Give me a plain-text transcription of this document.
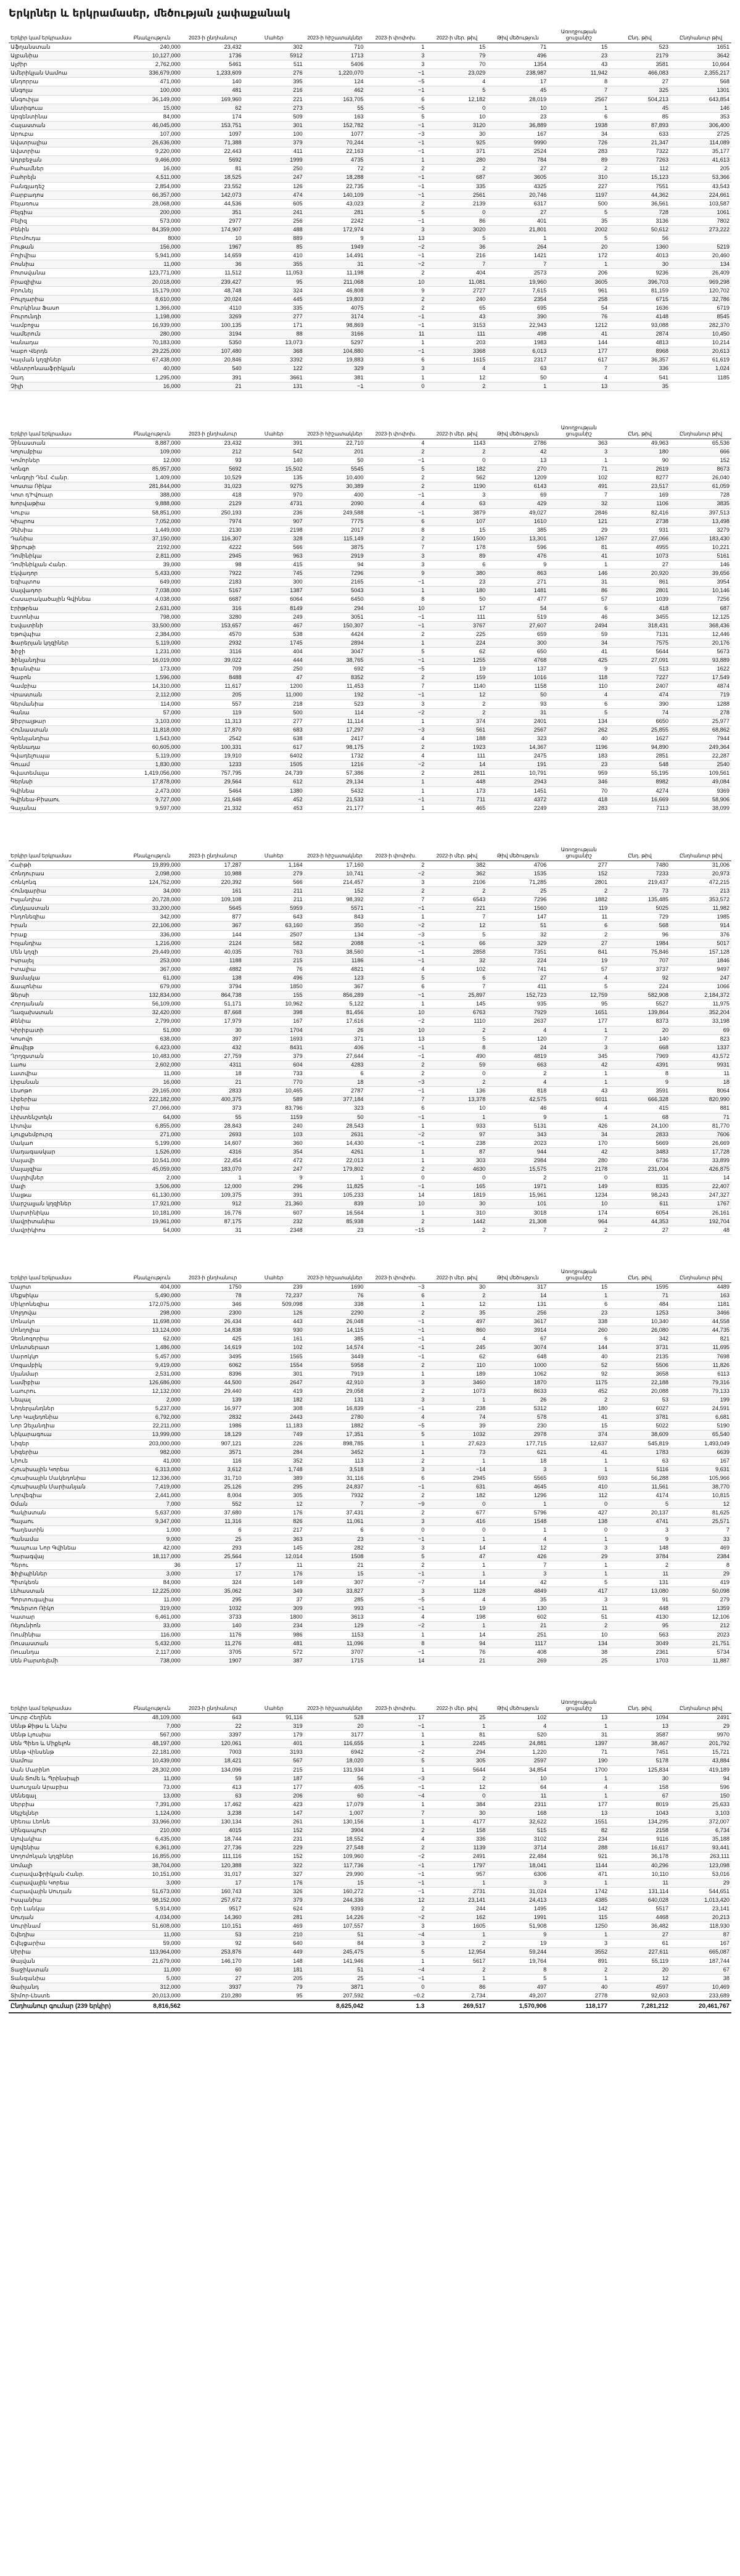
Երկրներ և երկրամասեր, մեծության չափաքանակ
Երկիր կամ երկրամաս	Բնակչություն	2023-ի ընդհանուր	Մահեր	2023-ի հիշատակներ	2023-ի փոփոխ.	2022-ի մեր. թիվ	Թիվ մեծություն	Առողջության ցուցանիշ	Ընդ. թիվ	Ընդհանուր թիվ
Աֆղանստան	240,000	23,432	302	710	1	15	71	15	523	1651
Ալբանիա	10,127,000	1736	5912	1713	3	79	496	23	2179	3642
Ալժիր	2,762,000	5461	511	5406	3	70	1354	43	3581	10,664
Ամերիկյան Սամոա	336,679,000	1,233,609	276	1,220,070	−1	23,029	238,987	11,942	466,083	2,355,217
Անդորրա	471,000	140	395	124	−5	4	17	8	27	568
Անգոլա	100,000	481	216	462	−1	5	45	7	325	1301
Անգուիլա	36,149,000	169,960	221	163,705	6	12,182	28,019	2567	504,213	643,854
Անտիգուա	15,000	62	273	55	−5	0	10	1	45	146
Արգենտինա	84,000	174	509	163	5	10	23	6	85	353
Հայաստան	46,045,000	153,751	301	152,782	−1	3120	36,889	1938	87,893	306,400
Արուբա	107,000	1097	100	1077	−3	30	167	34	633	2725
Ավստրալիա	26,636,000	71,388	379	70,244	−1	925	9990	726	21,347	114,089
Ավստրիա	9,220,000	22,443	411	22,163	−1	371	2524	283	7322	35,177
Ադրբեջան	9,466,000	5692	1999	4735	1	280	784	89	7263	41,613
Բահամներ	16,000	81	250	72	2	2	27	2	112	205
Բահրեյն	4,511,000	18,525	247	18,288	−1	687	3605	310	15,123	53,366
Բանգլադեշ	2,854,000	23,552	126	22,735	−1	335	4325	227	7551	43,543
Բարբադոս	66,357,000	142,073	474	140,109	−1	2561	20,746	1197	44,362	224,661
Բելառուս	28,068,000	44,536	605	43,023	2	2139	6317	500	36,561	103,587
Բելգիա	200,000	351	241	281	5	0	27	5	728	1061
Բելիզ	573,000	2977	256	2242	−1	86	401	35	3136	7802
Բենին	84,359,000	174,907	488	172,974	3	3020	21,801	2002	50,612	273,222
Բերմուդա	8000	10	889	9	13	5	1	5	56	
Բութան	156,000	1967	85	1949	−2	36	264	20	1360	5219
Բոլիվիա	5,941,000	14,659	410	14,491	−1	216	1421	172	4013	20,460
Բոսնիա	11,000	36	355	31	−2	7	7	1	30	134
Բոտսվանա	123,771,000	11,512	11,053	11,198	2	404	2573	206	9236	26,409
Բրազիլիա	20,018,000	239,427	95	211,068	10	11,081	19,960	3605	396,703	969,298
Բրունեյ	15,179,000	48,748	324	46,808	9	2727	7,615	961	81,159	120,702
Բուլղարիա	8,610,000	20,024	445	19,803	2	240	2354	258	6715	32,786
Բուրկինա Ֆասո	1,366,000	4110	335	4075	2	65	695	54	1636	6719
Բուրունդի	1,198,000	3269	277	3174	−1	43	390	76	4148	8545
Կամբոջա	16,939,000	100,135	171	98,869	−1	3153	22,943	1212	93,088	282,370
Կամերուն	280,000	3194	88	3166	11	111	498	41	2874	10,450
Կանադա	70,183,000	5350	13,073	5297	1	203	1983	144	4813	10,214
Կաբո Վերդե	29,225,000	107,480	368	104,880	−1	3368	6,013	177	8968	20,613
Կայման կղզիներ	67,438,000	20,846	3392	19,883	6	1615	2317	617	36,357	61,619
Կենտրոնաաֆրիկյան	40,000	540	122	329	3	4	63	7	336	1,024
Չադ	1,295,000	391	3661	381	1	12	50	4	541	1185
Չիլի	16,000	21	131	−1	0	2	1	13	35	
Երկիր կամ երկրամաս	Բնակչություն	2023-ի ընդհանուր	Մահեր	2023-ի հիշատակներ	2023-ի փոփոխ.	2022-ի մեր. թիվ	Թիվ մեծություն	Առողջության ցուցանիշ	Ընդ. թիվ	Ընդհանուր թիվ
Չինաստան	8,887,000	23,432	391	22,710	4	1143	2786	363	49,963	65,536
Կոլումբիա	109,000	212	542	201	2	2	42	3	180	666
Կոմորներ	12,000	93	140	50	−1	0	13	1	90	152
Կոնգո	85,957,000	5692	15,502	5545	5	182	270	71	2619	8673
Կոնգոյի Դեմ. Հանր.	1,409,000	10,529	135	10,400	2	562	1209	102	8277	26,040
Կոստա Ռիկա	281,844,000	31,023	9275	30,389	2	1190	6143	491	23,517	61,059
Կոտ դ'Իվուար	388,000	418	970	400	−1	3	69	7	169	728
Խորվաթիա	9,888,000	2129	4731	2090	4	63	429	32	1106	3835
Կուբա	58,851,000	250,193	236	249,588	−1	3879	49,027	2846	82,416	397,513
Կիպրոս	7,052,000	7974	907	7775	6	107	1610	121	2738	13,498
Չեխիա	1,449,000	2130	2198	2017	8	15	385	29	931	3279
Դանիա	37,150,000	116,307	328	115,149	2	1500	13,301	1267	27,066	183,430
Ջիբութի	2192,000	4222	566	3875	7	178	596	81	4955	10,221
Դոմինիկա	2,811,000	2945	963	2919	3	89	476	41	1073	5161
Դոմինիկյան Հանր.	39,000	98	415	94	3	6	9	1	27	146
Էկվադոր	5,433,000	7922	745	7296	9	380	863	146	20,920	39,656
Եգիպտոս	649,000	2183	300	2165	−1	23	271	31	861	3954
Սալվադոր	7,038,000	5167	1387	5043	1	180	1481	86	2801	10,146
Հասարակածային Գվինեա	4,038,000	6687	6064	6450	8	50	477	57	1039	7256
Էրիթրեա	2,631,000	316	8149	294	10	17	54	6	418	687
Էստոնիա	798,000	3280	249	3051	−1	111	519	46	3455	12,125
Էսվատինի	33,500,000	153,657	467	150,307	−1	3767	27,607	2494	318,431	368,436
Եթովպիա	2,384,000	4570	538	4424	2	225	659	59	7131	12,446
Ֆարերյան կղզիներ	5,119,000	2932	1745	2894	1	224	300	34	7575	20,176
Ֆիջի	1,231,000	3116	404	3047	5	62	650	41	5644	5673
Ֆինլանդիա	16,019,000	39,022	444	38,765	−1	1255	4768	425	27,091	93,889
Ֆրանսիա	173,000	709	250	692	−5	19	137	9	513	1622
Գաբոն	1,596,000	8488	47	8352	2	159	1016	118	7227	17,549
Գամբիա	14,310,000	11,617	1200	11,453	7	1140	1158	110	2407	4874
Վրաստան	2,112,000	205	11,000	192	−1	12	50	4	474	719
Գերմանիա	114,000	557	218	523	3	2	93	6	390	1288
Գանա	57,000	119	500	114	−2	2	31	5	74	278
Ջիբրալթար	3,103,000	11,313	277	11,114	1	374	2401	134	6650	25,977
Հունաստան	11,818,000	17,870	683	17,297	−3	561	2567	262	25,855	68,862
Գրենլանդիա	1,543,000	2542	638	2417	4	188	323	40	1627	7944
Գրենադա	60,605,000	100,331	617	98,175	2	1923	14,367	1196	94,890	249,364
Գվադելուպա	5,119,000	19,910	6402	1732	4	111	2475	183	2851	22,287
Գուամ	1,830,000	1233	1505	1216	−2	14	191	23	548	2540
Գվատեմալա	1,419,056,000	757,795	24,739	57,386	2	2811	10,791	959	55,195	109,561
Գերնսի	17,878,000	29,564	612	29,134	1	448	2943	346	8982	49,084
Գվինեա	2,473,000	5464	1380	5432	1	173	1451	70	4274	9369
Գվինեա-Բիսաու	9,727,000	21,646	452	21,533	−1	711	4372	418	16,669	58,906
Գայանա	9,597,000	21,332	453	21,177	1	465	2249	283	7113	38,099
Երկիր կամ երկրամաս	Բնակչություն	2023-ի ընդհանուր	Մահեր	2023-ի հիշատակներ	2023-ի փոփոխ.	2022-ի մեր. թիվ	Թիվ մեծություն	Առողջության ցուցանիշ	Ընդ. թիվ	Ընդհանուր թիվ
Հաիթի	19,899,000	17,287	1,164	17,160	2	382	4706	277	7480	31,006
Հոնդուրաս	2,098,000	10,988	279	10,741	−2	362	1535	152	7233	20,973
Հոնկոնգ	124,752,000	220,392	566	214,457	3	2106	71,285	2801	219,437	472,215
Հունգարիա	34,000	161	211	152	2	2	25	2	73	213
Իսլանդիա	20,728,000	109,108	211	98,392	7	6543	7296	1882	135,485	353,572
Հնդկաստան	33,200,000	5645	5959	5571	−1	221	1560	119	5025	11,982
Ինդոնեզիա	342,000	877	643	843	1	7	147	11	729	1985
Իրան	22,106,000	367	63,160	350	−2	12	51	6	568	914
Իրաք	336,000	144	2507	134	−3	5	32	2	96	376
Իռլանդիա	1,216,000	2124	582	2088	−1	66	329	27	1984	5017
Մեն կղզի	29,449,000	40,035	763	38,560	−1	2858	7351	841	75,846	157,128
Իսրայել	253,000	1188	215	1186	−1	32	224	19	707	1846
Իտալիա	367,000	4882	76	4821	4	102	741	57	3737	9497
Ջամայկա	61,000	138	496	123	5	6	27	4	92	247
Ճապոնիա	679,000	3794	1850	367	6	7	411	5	224	1066
Ջերսի	132,834,000	864,738	155	856,289	−1	25,897	152,723	12,759	582,908	2,184,372
Հորդանան	56,109,000	51,171	10,962	5,122	1	145	935	95	5527	11,975
Ղազախստան	32,420,000	87,668	398	81,456	10	6763	7929	1651	139,864	352,204
Քենիա	2,799,000	17,979	167	17,616	−2	1110	2637	177	8373	33,198
Կիրիբատի	51,000	30	1704	26	10	2	4	1	20	69
Կոսովո	638,000	397	1693	371	13	5	120	7	140	823
Քուվեյթ	6,423,000	432	8431	406	−1	8	24	3	668	1337
Ղրղզստան	10,483,000	27,759	379	27,644	−1	490	4819	345	7969	43,572
Լաոս	2,602,000	4311	604	4283	2	59	663	42	4391	9931
Լատվիա	11,000	18	733	6	2	0	2	1	8	11
Լիբանան	16,000	21	770	18	−3	2	4	1	9	18
Լեսոթո	29,165,000	2833	10,465	2787	−1	136	818	43	3591	8064
Լիբերիա	222,182,000	400,375	589	377,184	7	13,378	42,575	6011	666,328	820,990
Լիբիա	27,066,000	373	83,796	323	6	10	46	4	415	881
Լիխտենշտեյն	64,000	55	1159	50	−1	1	9	1	68	71
Լիտվա	6,855,000	28,843	240	28,543	1	933	5131	426	24,100	81,770
Լյուքսեմբուրգ	271,000	2693	103	2631	−2	97	343	34	2833	7606
Մակաո	5,199,000	14,607	360	14,430	−1	238	2023	170	5669	26,669
Մադագասկար	1,526,000	4316	354	4261	1	87	944	42	3483	17,728
Մալավի	10,541,000	22,454	472	22,013	1	303	2984	280	6736	33,899
Մալայզիա	45,059,000	183,070	247	179,802	2	4630	15,575	2178	231,004	426,875
Մալդիվներ	2,000	1	9	1	0	0	2	0	11	14
Մալի	3,506,000	12,000	296	11,825	−1	165	1971	149	8335	22,407
Մալթա	61,130,000	109,375	391	105,233	14	1819	15,961	1234	98,243	247,327
Մարշալյան կղզիներ	17,921,000	912	21,360	839	10	30	101	10	611	1767
Մարտինիկա	10,181,000	16,776	607	16,564	1	310	3018	174	6054	26,161
Մավրիտանիա	19,961,000	87,175	232	85,938	2	1442	21,308	964	44,353	192,704
Մավրիկիոս	54,000	31	2348	23	−15	2	7	2	27	48
Երկիր կամ երկրամաս	Բնակչություն	2023-ի ընդհանուր	Մահեր	2023-ի հիշատակներ	2023-ի փոփոխ.	2022-ի մեր. թիվ	Թիվ մեծություն	Առողջության ցուցանիշ	Ընդ. թիվ	Ընդհանուր թիվ
Մայոտ	404,000	1750	239	1690	−3	30	317	15	1595	4489
Մեքսիկա	5,490,000	78	72,237	76	6	2	14	1	71	163
Միկրոնեզիա	172,075,000	346	509,098	338	1	12	131	6	484	1181
Մոլդովա	298,000	2300	126	2290	2	35	256	23	1253	3466
Մոնակո	11,698,000	26,434	443	26,048	−1	497	3617	338	10,340	44,558
Մոնղոլիա	13,124,000	14,838	930	14,115	−1	860	3914	260	26,080	44,735
Չեռնոգորիա	62,000	425	161	385	−1	4	67	6	342	821
Մոնտսերատ	1,486,000	14,619	102	14,574	−1	245	3074	144	3731	11,695
Մարոկկո	5,457,000	3495	1565	3449	−1	62	648	40	2135	7698
Մոզամբիկ	9,419,000	6062	1554	5958	2	110	1000	52	5506	11,826
Մյանմար	2,531,000	8396	301	7919	1	189	1062	92	3658	6113
Նամիբիա	126,686,000	44,500	2647	42,910	3	3460	1870	1175	22,188	79,316
Նաուրու	12,132,000	29,440	419	29,058	2	1073	8633	452	20,088	79,133
Նեպալ	2,000	139	182	131	3	1	26	2	53	199
Նիդերլանդներ	5,237,000	16,977	308	16,839	−1	238	5312	180	6027	24,591
Նոր Կալեդոնիա	6,792,000	2832	2443	2780	4	74	578	41	3781	6,681
Նոր Զելանդիա	22,211,000	1986	11,183	1882	−5	39	230	15	5022	5190
Նիկարագուա	13,999,000	18,129	749	17,351	5	1032	2978	374	38,609	65,540
Նիգեր	203,000,000	907,121	226	898,785	1	27,623	177,715	12,637	545,819	1,493,049
Նիգերիա	982,000	3571	284	3452	1	73	621	41	1783	6639
Նիուե	41,000	116	352	113	2	1	18	1	63	167
Հյուսիսային Կորեա	6,313,000	3,612	1,748	3,518	3	−14	3	1	5116	9,631
Հյուսիսային Մակեդոնիա	12,336,000	31,710	389	31,116	6	2945	5565	593	56,288	105,966
Հյուսիսային Մարիանյան	7,419,000	25,126	295	24,837	−1	631	4645	410	11,561	38,770
Նորվեգիա	2,441,000	8,004	305	7932	2	182	1296	112	4174	10,815
Օման	7,000	552	12	7	−9	0	1	0	5	12
Պակիստան	5,637,000	37,680	176	37,431	2	677	5796	427	20,137	81,625
Պալաու	9,347,000	11,316	826	11,061	3	416	1548	138	4741	25,571
Պաղեստին	1,000	6	217	6	0	0	1	0	3	7
Պանամա	9,000	25	363	23	−1	1	4	1	9	33
Պապուա Նոր Գվինեա	42,000	293	145	282	3	14	12	3	148	469
Պարագվայ	18,117,000	25,564	12,014	1508	5	47	426	29	3784	2384
Պերու	36	17	11	21	2	1	7	1	2	8
Ֆիլիպիններ	3,000	17	176	15	−1	1	3	1	11	29
Պիտկեռն	84,000	324	149	307	−7	14	42	5	131	419
Լեհաստան	12,225,000	35,062	349	33,827	3	1128	4849	417	13,080	50,098
Պորտուգալիա	11,000	295	37	285	−5	4	35	3	91	279
Պուերտո Ռիկո	319,000	1032	309	993	−1	19	130	11	448	1359
Կատար	6,461,000	3733	1800	3613	4	198	602	51	4130	12,106
Ռեյունիոն	33,000	140	234	129	−2	1	21	2	95	212
Ռումինիա	116,000	1176	986	1153	1	14	251	10	563	2023
Ռուսաստան	5,432,000	11,276	481	11,096	8	94	1117	134	3049	21,751
Ռուանդա	2,117,000	3705	572	3707	−1	76	408	38	2361	5734
Սեն Բարտելեմի	738,000	1907	387	1715	14	21	269	25	1703	11,887
Երկիր կամ երկրամաս	Բնակչություն	2023-ի ընդհանուր	Մահեր	2023-ի հիշատակներ	2023-ի փոփոխ.	2022-ի մեր. թիվ	Թիվ մեծություն	Առողջության ցուցանիշ	Ընդ. թիվ	Ընդհանուր թիվ
Սուրբ Հեղինե	48,109,000	643	91,116	528	17	25	102	13	1094	2491
Սենթ Քիթս և Նևիս	7,000	22	319	20	−1	1	4	1	13	29
Սենթ Լյուսիա	567,000	3397	179	3177	1	81	520	31	3587	9970
Սեն Պիեռ և Միքելոն	48,197,000	120,061	401	116,655	1	2245	24,881	1397	38,467	201,792
Սենթ Վինսենթ	22,181,000	7003	3193	6942	−2	294	1,220	71	7451	15,721
Սամոա	10,439,000	18,421	567	18,020	5	305	2597	190	5178	43,884
Սան Մարինո	28,302,000	134,096	215	131,934	1	5644	34,854	1700	125,834	419,189
Սան Տոմե և Պրինսիպի	11,000	59	187	56	−3	2	10	1	30	94
Սաուդյան Արաբիա	73,000	413	177	405	−1	12	64	4	158	596
Սենեգալ	13,000	63	206	60	−4	0	11	1	67	150
Սերբիա	7,391,000	17,462	423	17,079	1	384	2311	177	8019	25,633
Սեյշելներ	1,124,000	3,238	147	1,007	7	30	168	13	1043	3,103
Սիեռա Լեոնե	33,966,000	130,134	261	130,156	1	4177	32,622	1551	134,295	372,007
Սինգապուր	210,000	4015	152	3904	2	158	515	82	2158	6,734
Սլովակիա	6,435,000	18,744	231	18,552	4	336	3102	234	9116	35,188
Սլովենիա	6,361,000	27,736	229	27,548	2	1139	3714	288	16,617	93,441
Սողոմոնյան կղզիներ	16,855,000	111,116	152	109,960	−2	2491	22,484	921	36,178	263,111
Սոմալի	38,704,000	120,388	322	117,736	−1	1797	18,041	1144	40,296	123,098
Հարավաֆրիկյան Հանր.	10,151,000	31,017	327	29,990	−1	957	6306	471	10,110	53,016
Հարավային Կորեա	3,000	17	176	15	−1	1	3	1	11	29
Հարավային Սուդան	51,673,000	160,743	326	160,272	−1	2731	31,024	1742	131,114	544,651
Իսպանիա	98,152,000	257,672	379	244,336	12	23,141	24,413	4385	640,028	1,013,420
Շրի Լանկա	5,914,000	9517	624	9393	2	244	1495	142	5517	23,141
Սուդան	4,034,000	14,360	281	14,226	−2	162	1991	115	4468	20,213
Սուրինամ	51,608,000	110,151	469	107,557	3	1605	51,908	1250	36,482	118,930
Շվեդիա	11,000	53	210	51	−4	1	9	1	27	87
Շվեյցարիա	59,000	92	640	84	3	2	19	3	61	167
Սիրիա	113,964,000	253,876	449	245,475	5	12,954	59,244	3552	227,611	665,087
Թայվան	21,679,000	146,170	148	141,946	1	5617	19,764	891	55,119	187,744
Տաջիկստան	11,000	60	181	51	−4	2	8	2	20	67
Տանզանիա	5,000	27	205	25	−1	1	5	1	12	38
Թաիլանդ	312,000	3937	79	3871	0	86	497	40	4597	10,469
Տիմոր-Լեստե	20,013,000	210,280	95	207,592	−0.2	2,734	49,207	2778	92,603	233,689
Ընդհանուր գումար (239 երկիր)	8,816,562			8,625,042	1.3	269,517	1,570,906	118,177	7,281,212	20,461,767
